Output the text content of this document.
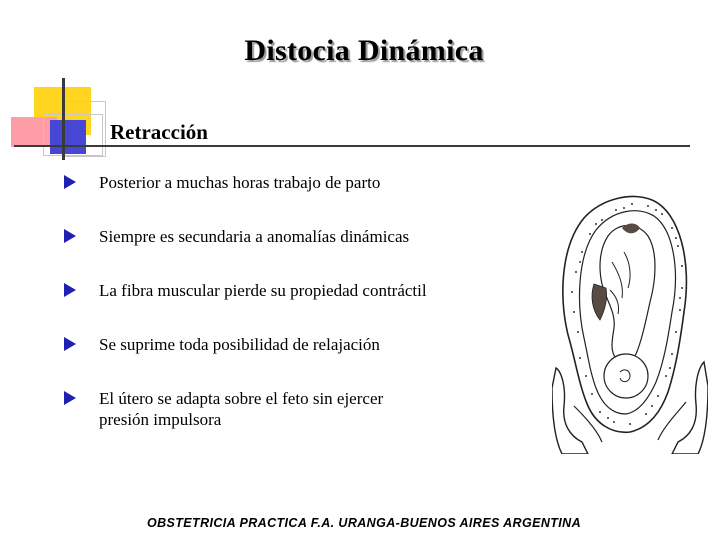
Distocia Dinámica
Retracción
Posterior a muchas horas trabajo de parto
Siempre es secundaria a anomalías dinámicas
La fibra muscular pierde su propiedad contráctil
Se suprime toda posibilidad de relajación
El útero se adapta sobre el feto sin ejercer
presión impulsora
OBSTETRICIA PRACTICA F.A. URANGA-BUENOS AIRES ARGENTINA
